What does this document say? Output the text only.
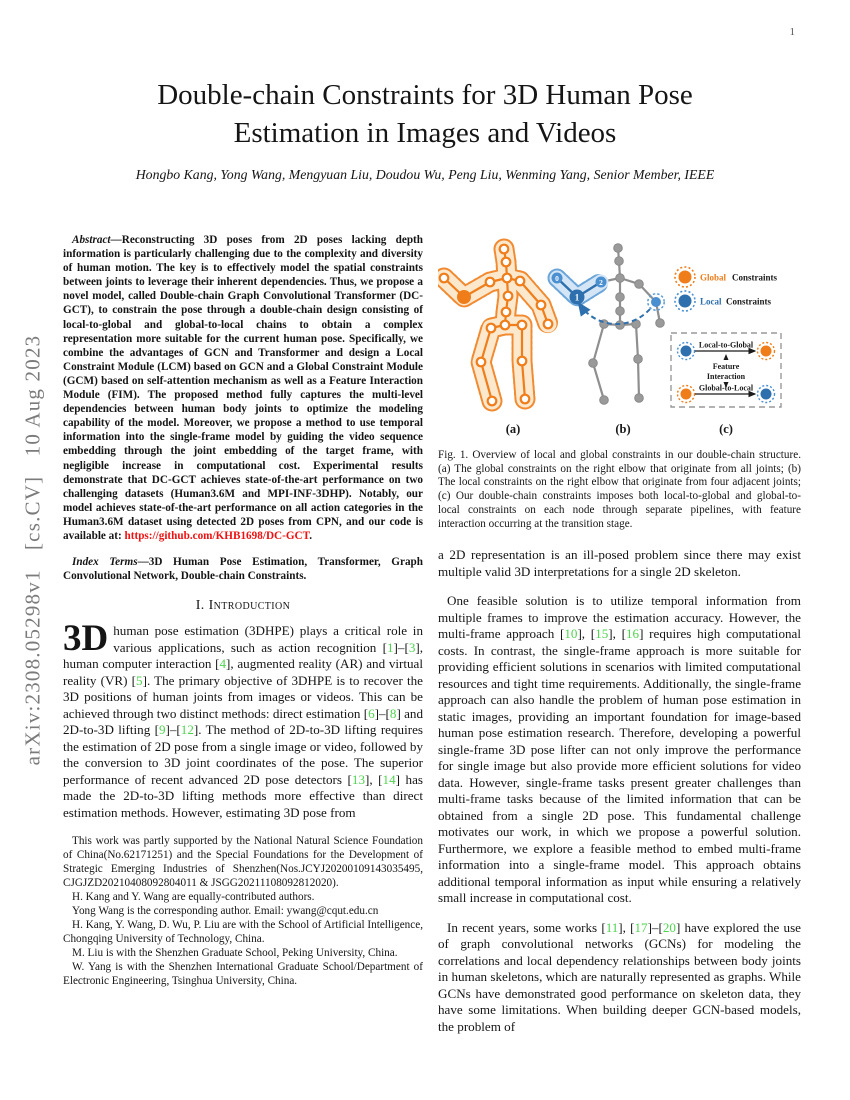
1
arXiv:2308.05298v1   [cs.CV]   10 Aug 2023
Double-chain Constraints for 3D Human Pose
Estimation in Images and Videos
Hongbo Kang, Yong Wang, Mengyuan Liu, Doudou Wu, Peng Liu, Wenming Yang, Senior Member, IEEE

Abstract—Reconstructing 3D poses from 2D poses lacking depth information is particularly challenging due to the complexity and diversity of human motion. The key is to effectively model the spatial constraints between joints to leverage their inherent dependencies. Thus, we propose a novel model, called Double-chain Graph Convolutional Transformer (DC-GCT), to constrain the pose through a double-chain design consisting of local-to-global and global-to-local chains to obtain a complex representation more suitable for the current human pose. Specifically, we combine the advantages of GCN and Transformer and design a Local Constraint Module (LCM) based on GCN and a Global Constraint Module (GCM) based on self-attention mechanism as well as a Feature Interaction Module (FIM). The proposed method fully captures the multi-level dependencies between human body joints to optimize the modeling capability of the model. Moreover, we propose a method to use temporal information into the single-frame model by guiding the video sequence embedding through the joint embedding of the target frame, with negligible increase in computational cost. Experimental results demonstrate that DC-GCT achieves state-of-the-art performance on two challenging datasets (Human3.6M and MPI-INF-3DHP). Notably, our model achieves state-of-the-art performance on all action categories in the Human3.6M dataset using detected 2D poses from CPN, and our code is available at: https://github.com/KHB1698/DC-GCT.

Index Terms—3D Human Pose Estimation, Transformer, Graph Convolutional Network, Double-chain Constraints.

I. Introduction

3D human pose estimation (3DHPE) plays a critical role in various applications, such as action recognition [1]–[3], human computer interaction [4], augmented reality (AR) and virtual reality (VR) [5]. The primary objective of 3DHPE is to recover the 3D positions of human joints from images or videos. This can be achieved through two distinct methods: direct estimation [6]–[8] and 2D-to-3D lifting [9]–[12]. The method of 2D-to-3D lifting requires the estimation of 2D pose from a single image or video, followed by the conversion to 3D joint coordinates of the pose. The superior performance of recent advanced 2D pose detectors [13], [14] has made the 2D-to-3D lifting methods more effective than direct estimation methods. However, estimating 3D pose from

This work was partly supported by the National Natural Science Foundation of China(No.62171251) and the Special Foundations for the Development of Strategic Emerging Industries of Shenzhen(Nos.JCYJ20200109143035495, CJGJZD20210408092804011 & JSGG20211108092812020).

H. Kang and Y. Wang are equally-contributed authors.

Yong Wang is the corresponding author. Email: ywang@cqut.edu.cn

H. Kang, Y. Wang, D. Wu, P. Liu are with the School of Artificial Intelligence, Chongqing University of Technology, China.

M. Liu is with the Shenzhen Graduate School, Peking University, China.

W. Yang is with the Shenzhen International Graduate School/Department of Electronic Engineering, Tsinghua University, China.

0	2
1
Global Constraints
Local Constraints
Local-to-Global
Feature
Interaction
Global-to-Local
(a)	(b)	(c)

Fig. 1. Overview of local and global constraints in our double-chain structure. (a) The global constraints on the right elbow that originate from all joints; (b) The local constraints on the right elbow that originate from four adjacent joints; (c) Our double-chain constraints imposes both local-to-global and global-to-local constraints on each node through separate pipelines, with feature interaction occurring at the transition stage.

a 2D representation is an ill-posed problem since there may exist multiple valid 3D interpretations for a single 2D skeleton.

One feasible solution is to utilize temporal information from multiple frames to improve the estimation accuracy. However, the multi-frame approach [10], [15], [16] requires high computational costs. In contrast, the single-frame approach is more suitable for providing efficient solutions in scenarios with limited computational resources and tight time requirements. Additionally, the single-frame approach can also handle the problem of human pose estimation in static images, providing an important foundation for image-based human pose estimation research. Therefore, developing a powerful single-frame 3D pose lifter can not only improve the performance for single image but also provide more efficient solutions for video data. However, single-frame tasks present greater challenges than multi-frame tasks because of the limited information that can be obtained from a single 2D pose. This fundamental challenge motivates our work, in which we propose a powerful solution. Furthermore, we explore a feasible method to embed multi-frame information into a single-frame model. This approach obtains additional temporal information as input while ensuring a relatively small increase in computational cost.

In recent years, some works [11], [17]–[20] have explored the use of graph convolutional networks (GCNs) for modeling the correlations and local dependency relationships between body joints in human skeletons, which are naturally represented as graphs. While GCNs have demonstrated good performance on skeleton data, they have some limitations. When building deeper GCN-based models, the problem of
